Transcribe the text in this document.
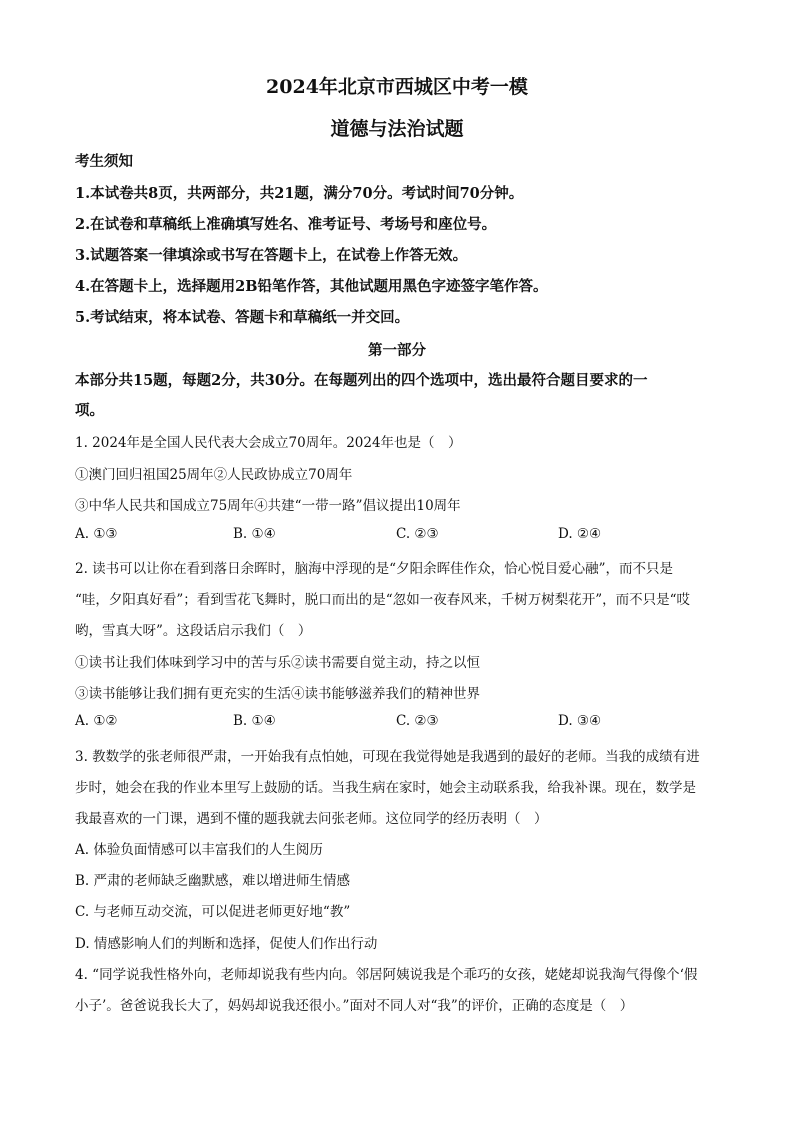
2024年北京市西城区中考一模
道德与法治试题
考生须知
1.本试卷共8页，共两部分，共21题，满分70分。考试时间70分钟。
2.在试卷和草稿纸上准确填写姓名、准考证号、考场号和座位号。
3.试题答案一律填涂或书写在答题卡上，在试卷上作答无效。
4.在答题卡上，选择题用2B铅笔作答，其他试题用黑色字迹签字笔作答。
5.考试结束，将本试卷、答题卡和草稿纸一并交回。
第一部分
本部分共15题，每题2分，共30分。在每题列出的四个选项中，选出最符合题目要求的一
项。
1. 2024年是全国人民代表大会成立70周年。2024年也是（　）
①澳门回归祖国25周年②人民政协成立70周年
③中华人民共和国成立75周年④共建“一带一路”倡议提出10周年
A. ①③	B. ①④	C. ②③	D. ②④
2. 读书可以让你在看到落日余晖时，脑海中浮现的是“夕阳余晖佳作众，恰心悦目爱心融”，而不只是
“哇，夕阳真好看”；看到雪花飞舞时，脱口而出的是“忽如一夜春风来，千树万树梨花开”，而不只是“哎
哟，雪真大呀”。这段话启示我们（　）
①读书让我们体味到学习中的苦与乐②读书需要自觉主动，持之以恒
③读书能够让我们拥有更充实的生活④读书能够滋养我们的精神世界
A. ①②	B. ①④	C. ②③	D. ③④
3. 教数学的张老师很严肃，一开始我有点怕她，可现在我觉得她是我遇到的最好的老师。当我的成绩有进
步时，她会在我的作业本里写上鼓励的话。当我生病在家时，她会主动联系我，给我补课。现在，数学是
我最喜欢的一门课，遇到不懂的题我就去问张老师。这位同学的经历表明（　）
A. 体验负面情感可以丰富我们的人生阅历
B. 严肃的老师缺乏幽默感，难以增进师生情感
C. 与老师互动交流，可以促进老师更好地“教”
D. 情感影响人们的判断和选择，促使人们作出行动
4. “同学说我性格外向，老师却说我有些内向。邻居阿姨说我是个乖巧的女孩，姥姥却说我淘气得像个‘假
小子’。爸爸说我长大了，妈妈却说我还很小。”面对不同人对“我”的评价，正确的态度是（　）
